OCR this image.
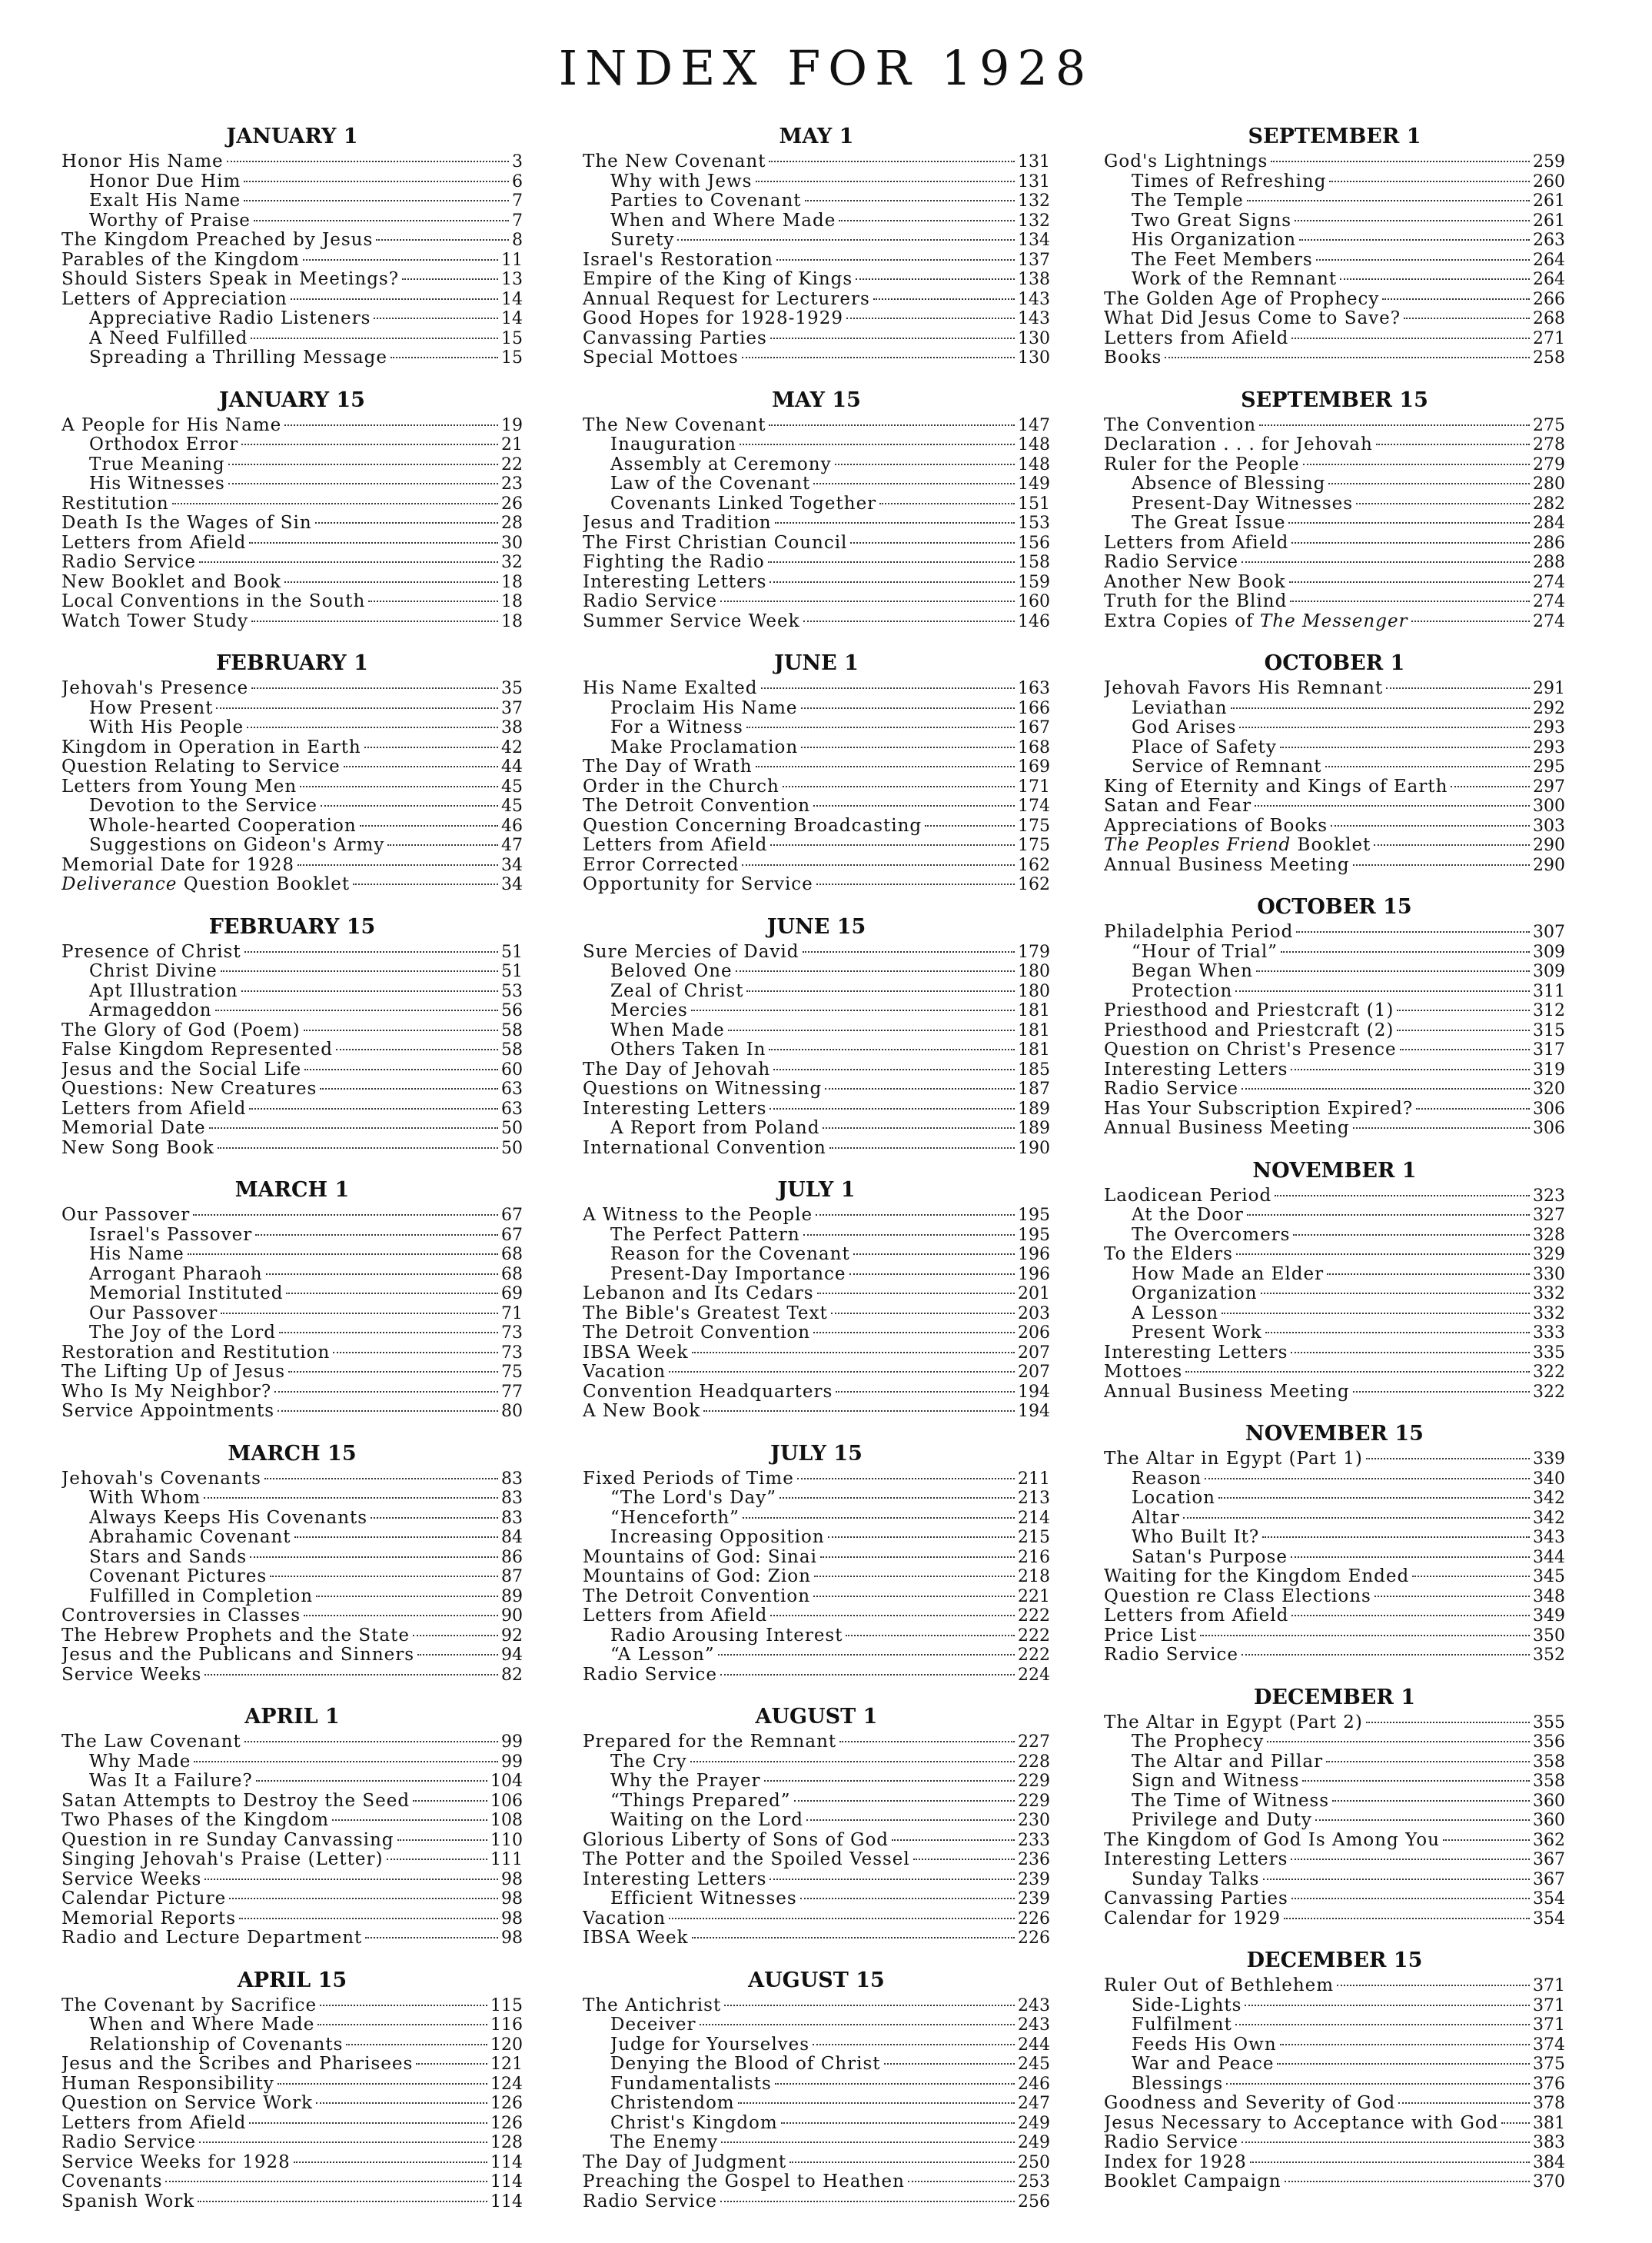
INDEX FOR 1928
JANUARY 1
Honor His Name	3
Honor Due Him	6
Exalt His Name	7
Worthy of Praise	7
The Kingdom Preached by Jesus	8
Parables of the Kingdom	11
Should Sisters Speak in Meetings?	13
Letters of Appreciation	14
Appreciative Radio Listeners	14
A Need Fulfilled	15
Spreading a Thrilling Message	15
JANUARY 15
A People for His Name	19
Orthodox Error	21
True Meaning	22
His Witnesses	23
Restitution	26
Death Is the Wages of Sin	28
Letters from Afield	30
Radio Service	32
New Booklet and Book	18
Local Conventions in the South	18
Watch Tower Study	18
FEBRUARY 1
Jehovah's Presence	35
How Present	37
With His People	38
Kingdom in Operation in Earth	42
Question Relating to Service	44
Letters from Young Men	45
Devotion to the Service	45
Whole-hearted Cooperation	46
Suggestions on Gideon's Army	47
Memorial Date for 1928	34
Deliverance Question Booklet	34
FEBRUARY 15
Presence of Christ	51
Christ Divine	51
Apt Illustration	53
Armageddon	56
The Glory of God (Poem)	58
False Kingdom Represented	58
Jesus and the Social Life	60
Questions: New Creatures	63
Letters from Afield	63
Memorial Date	50
New Song Book	50
MARCH 1
Our Passover	67
Israel's Passover	67
His Name	68
Arrogant Pharaoh	68
Memorial Instituted	69
Our Passover	71
The Joy of the Lord	73
Restoration and Restitution	73
The Lifting Up of Jesus	75
Who Is My Neighbor?	77
Service Appointments	80
MARCH 15
Jehovah's Covenants	83
With Whom	83
Always Keeps His Covenants	83
Abrahamic Covenant	84
Stars and Sands	86
Covenant Pictures	87
Fulfilled in Completion	89
Controversies in Classes	90
The Hebrew Prophets and the State	92
Jesus and the Publicans and Sinners	94
Service Weeks	82
APRIL 1
The Law Covenant	99
Why Made	99
Was It a Failure?	104
Satan Attempts to Destroy the Seed	106
Two Phases of the Kingdom	108
Question in re Sunday Canvassing	110
Singing Jehovah's Praise (Letter)	111
Service Weeks	98
Calendar Picture	98
Memorial Reports	98
Radio and Lecture Department	98
APRIL 15
The Covenant by Sacrifice	115
When and Where Made	116
Relationship of Covenants	120
Jesus and the Scribes and Pharisees	121
Human Responsibility	124
Question on Service Work	126
Letters from Afield	126
Radio Service	128
Service Weeks for 1928	114
Covenants	114
Spanish Work	114
MAY 1
The New Covenant	131
Why with Jews	131
Parties to Covenant	132
When and Where Made	132
Surety	134
Israel's Restoration	137
Empire of the King of Kings	138
Annual Request for Lecturers	143
Good Hopes for 1928-1929	143
Canvassing Parties	130
Special Mottoes	130
MAY 15
The New Covenant	147
Inauguration	148
Assembly at Ceremony	148
Law of the Covenant	149
Covenants Linked Together	151
Jesus and Tradition	153
The First Christian Council	156
Fighting the Radio	158
Interesting Letters	159
Radio Service	160
Summer Service Week	146
JUNE 1
His Name Exalted	163
Proclaim His Name	166
For a Witness	167
Make Proclamation	168
The Day of Wrath	169
Order in the Church	171
The Detroit Convention	174
Question Concerning Broadcasting	175
Letters from Afield	175
Error Corrected	162
Opportunity for Service	162
JUNE 15
Sure Mercies of David	179
Beloved One	180
Zeal of Christ	180
Mercies	181
When Made	181
Others Taken In	181
The Day of Jehovah	185
Questions on Witnessing	187
Interesting Letters	189
A Report from Poland	189
International Convention	190
JULY 1
A Witness to the People	195
The Perfect Pattern	195
Reason for the Covenant	196
Present-Day Importance	196
Lebanon and Its Cedars	201
The Bible's Greatest Text	203
The Detroit Convention	206
IBSA Week	207
Vacation	207
Convention Headquarters	194
A New Book	194
JULY 15
Fixed Periods of Time	211
“The Lord's Day”	213
“Henceforth”	214
Increasing Opposition	215
Mountains of God: Sinai	216
Mountains of God: Zion	218
The Detroit Convention	221
Letters from Afield	222
Radio Arousing Interest	222
“A Lesson”	222
Radio Service	224
AUGUST 1
Prepared for the Remnant	227
The Cry	228
Why the Prayer	229
“Things Prepared”	229
Waiting on the Lord	230
Glorious Liberty of Sons of God	233
The Potter and the Spoiled Vessel	236
Interesting Letters	239
Efficient Witnesses	239
Vacation	226
IBSA Week	226
AUGUST 15
The Antichrist	243
Deceiver	243
Judge for Yourselves	244
Denying the Blood of Christ	245
Fundamentalists	246
Christendom	247
Christ's Kingdom	249
The Enemy	249
The Day of Judgment	250
Preaching the Gospel to Heathen	253
Radio Service	256
SEPTEMBER 1
God's Lightnings	259
Times of Refreshing	260
The Temple	261
Two Great Signs	261
His Organization	263
The Feet Members	264
Work of the Remnant	264
The Golden Age of Prophecy	266
What Did Jesus Come to Save?	268
Letters from Afield	271
Books	258
SEPTEMBER 15
The Convention	275
Declaration . . . for Jehovah	278
Ruler for the People	279
Absence of Blessing	280
Present-Day Witnesses	282
The Great Issue	284
Letters from Afield	286
Radio Service	288
Another New Book	274
Truth for the Blind	274
Extra Copies of The Messenger	274
OCTOBER 1
Jehovah Favors His Remnant	291
Leviathan	292
God Arises	293
Place of Safety	293
Service of Remnant	295
King of Eternity and Kings of Earth	297
Satan and Fear	300
Appreciations of Books	303
The Peoples Friend Booklet	290
Annual Business Meeting	290
OCTOBER 15
Philadelphia Period	307
“Hour of Trial”	309
Began When	309
Protection	311
Priesthood and Priestcraft (1)	312
Priesthood and Priestcraft (2)	315
Question on Christ's Presence	317
Interesting Letters	319
Radio Service	320
Has Your Subscription Expired?	306
Annual Business Meeting	306
NOVEMBER 1
Laodicean Period	323
At the Door	327
The Overcomers	328
To the Elders	329
How Made an Elder	330
Organization	332
A Lesson	332
Present Work	333
Interesting Letters	335
Mottoes	322
Annual Business Meeting	322
NOVEMBER 15
The Altar in Egypt (Part 1)	339
Reason	340
Location	342
Altar	342
Who Built It?	343
Satan's Purpose	344
Waiting for the Kingdom Ended	345
Question re Class Elections	348
Letters from Afield	349
Price List	350
Radio Service	352
DECEMBER 1
The Altar in Egypt (Part 2)	355
The Prophecy	356
The Altar and Pillar	358
Sign and Witness	358
The Time of Witness	360
Privilege and Duty	360
The Kingdom of God Is Among You	362
Interesting Letters	367
Sunday Talks	367
Canvassing Parties	354
Calendar for 1929	354
DECEMBER 15
Ruler Out of Bethlehem	371
Side-Lights	371
Fulfilment	371
Feeds His Own	374
War and Peace	375
Blessings	376
Goodness and Severity of God	378
Jesus Necessary to Acceptance with God 381
Radio Service	383
Index for 1928	384
Booklet Campaign	370
